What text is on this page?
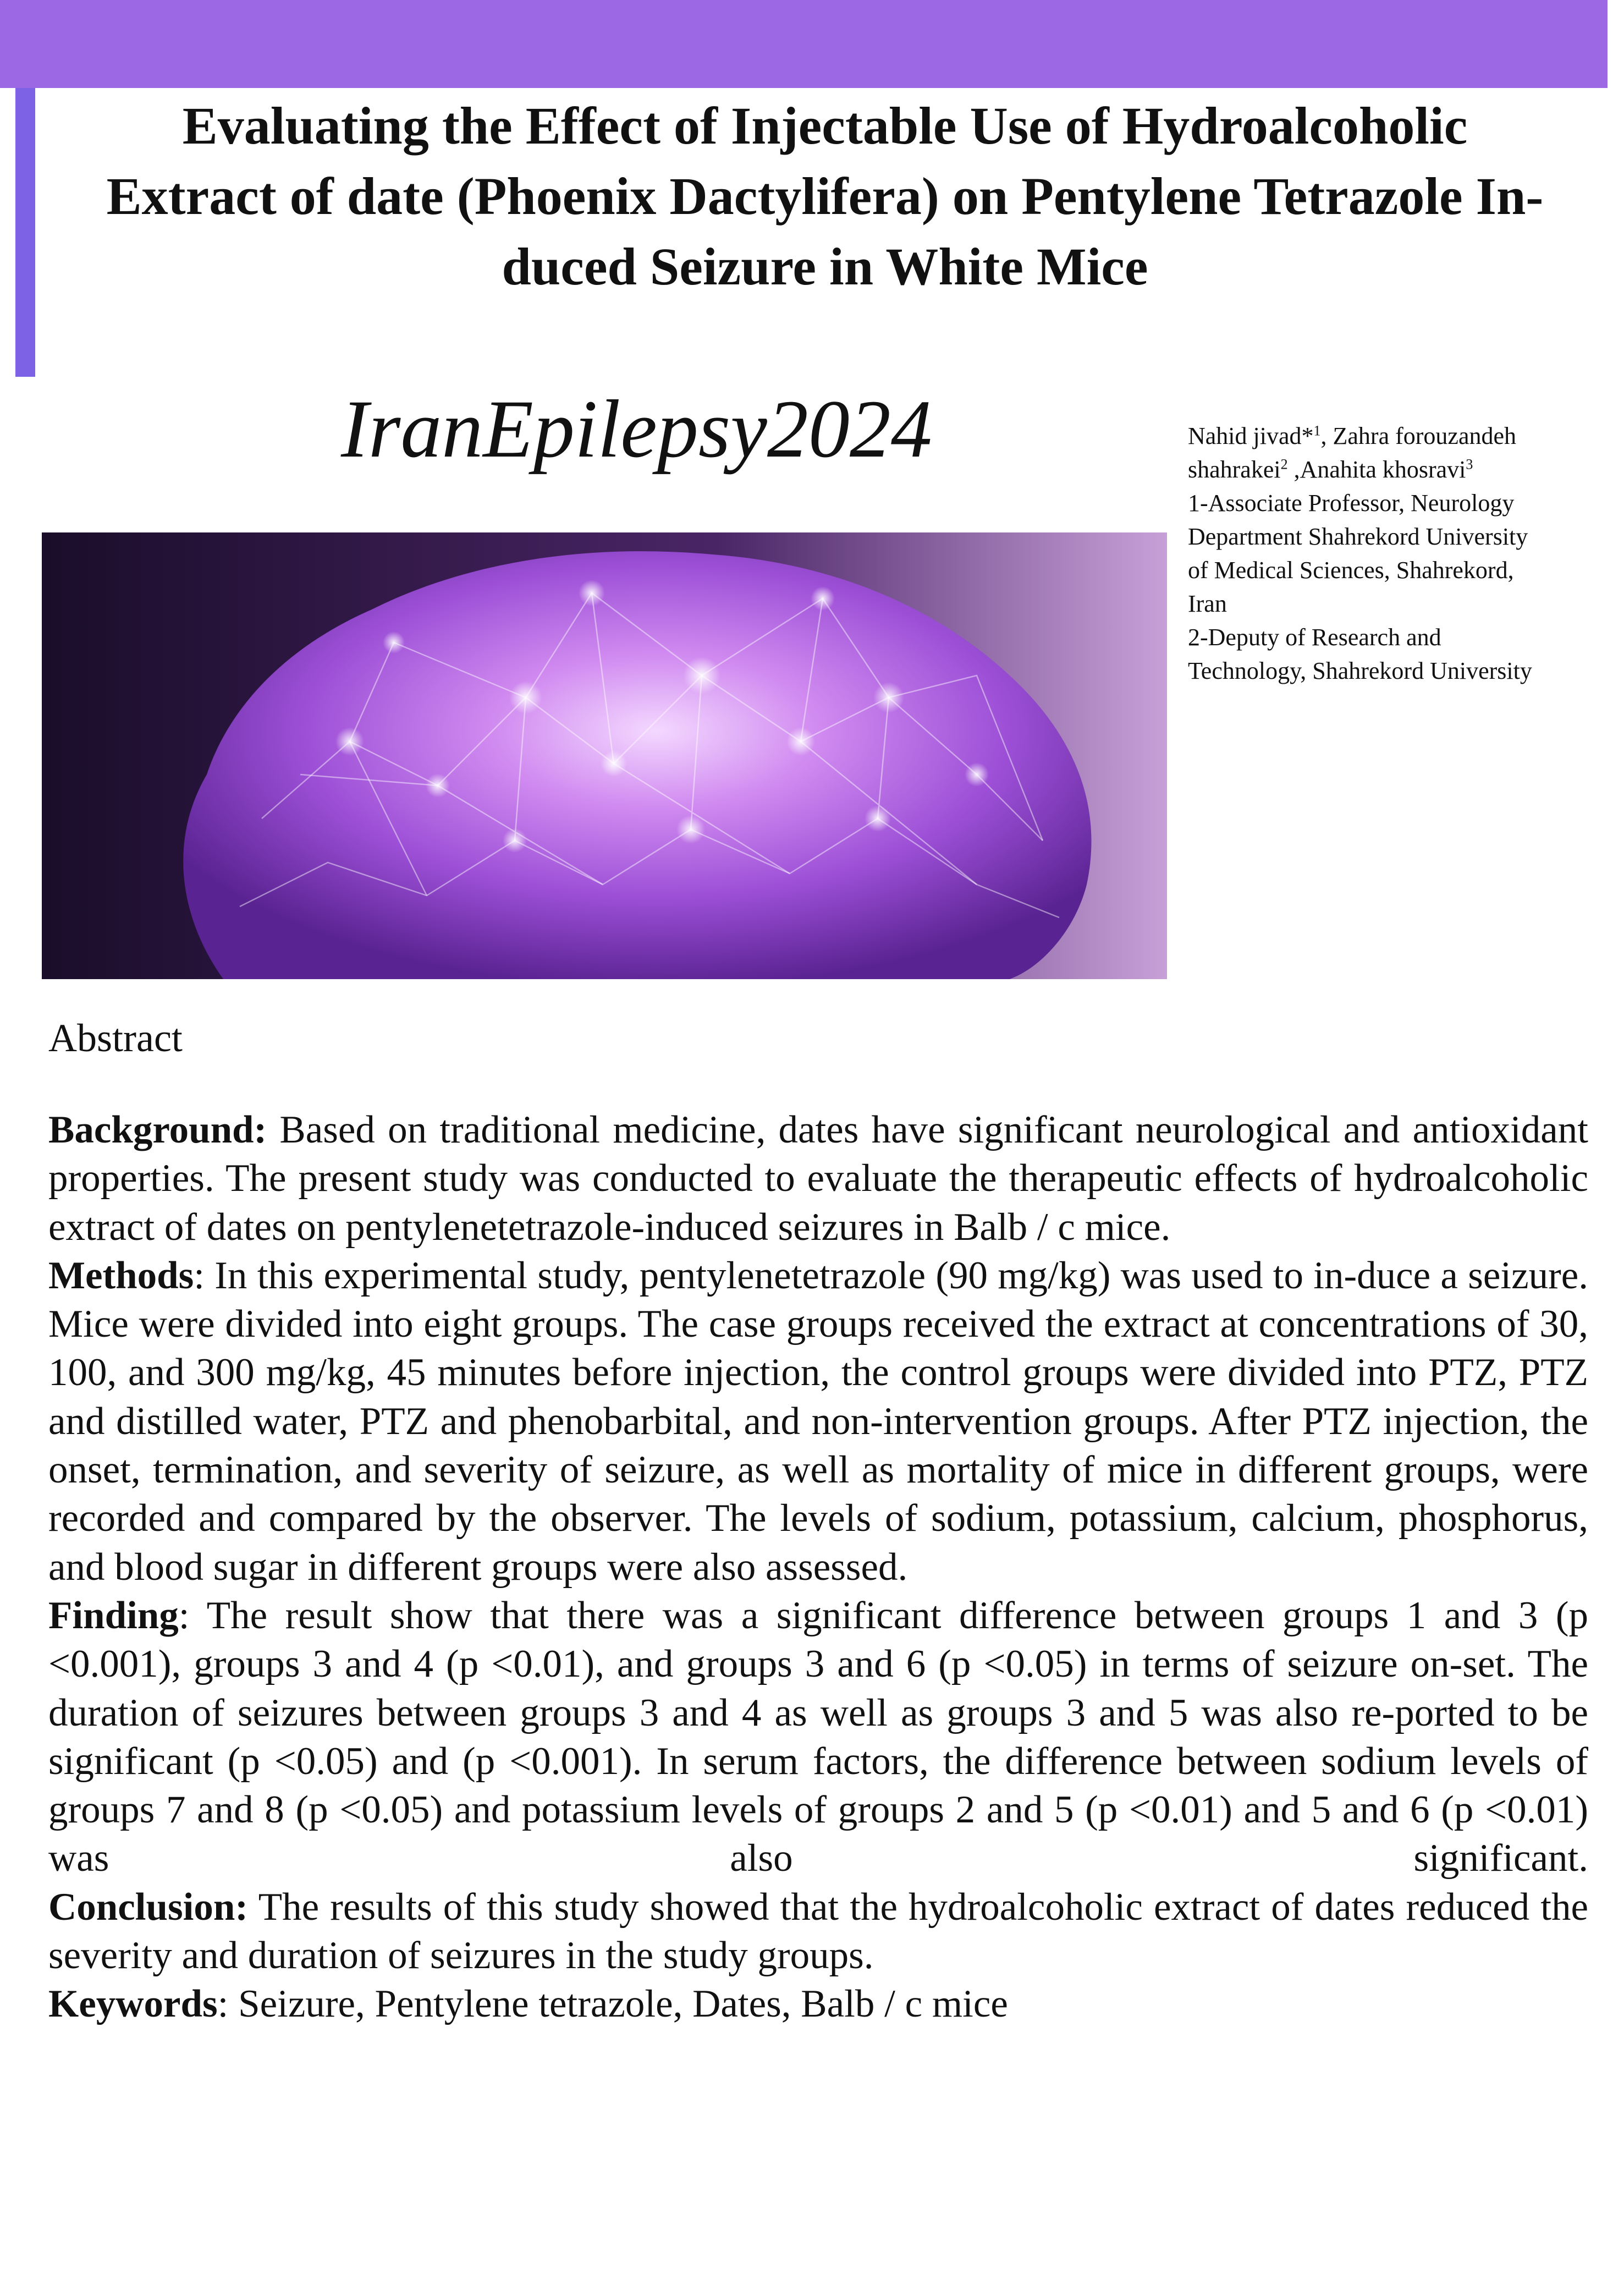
Evaluating the Effect of Injectable Use of Hydroalcoholic
Extract of date (Phoenix Dactylifera) on Pentylene Tetrazole In-
duced Seizure in White Mice
IranEpilepsy2024	Nahid jivad*$^1$, Zahra forouzandeh
shahrakei$^2$ ,Anahita khosravi$^3$
1-Associate Professor, Neurology
Department Shahrekord University
of Medical Sciences, Shahrekord,
Iran
2-Deputy of Research and
Technology, Shahrekord University
Abstract

Background: Based on traditional medicine, dates have significant neurological and antioxidant properties. The present study was conducted to evaluate the therapeutic effects of hydroalcoholic extract of dates on pentylenetetrazole-induced seizures in Balb / c mice.

Methods: In this experimental study, pentylenetetrazole (90 mg/kg) was used to in-duce a seizure. Mice were divided into eight groups. The case groups received the extract at concentrations of 30, 100, and 300 mg/kg, 45 minutes before injection, the control groups were divided into PTZ, PTZ and distilled water, PTZ and phenobarbital, and non-intervention groups. After PTZ injection, the onset, termination, and severity of seizure, as well as mortality of mice in different groups, were recorded and compared by the observer. The levels of sodium, potassium, calcium, phosphorus, and blood sugar in different groups were also assessed.

Finding: The result show that there was a significant difference between groups 1 and 3 (p <0.001), groups 3 and 4 (p <0.01), and groups 3 and 6 (p <0.05) in terms of seizure on-set. The duration of seizures between groups 3 and 4 as well as groups 3 and 5 was also re-ported to be significant (p <0.05) and (p <0.001). In serum factors, the difference between sodium levels of groups 7 and 8 (p <0.05) and potassium levels of groups 2 and 5 (p <0.01) and 5 and 6 (p <0.01) was also significant.

Conclusion: The results of this study showed that the hydroalcoholic extract of dates reduced the severity and duration of seizures in the study groups.

Keywords: Seizure, Pentylene tetrazole, Dates, Balb / c mice
